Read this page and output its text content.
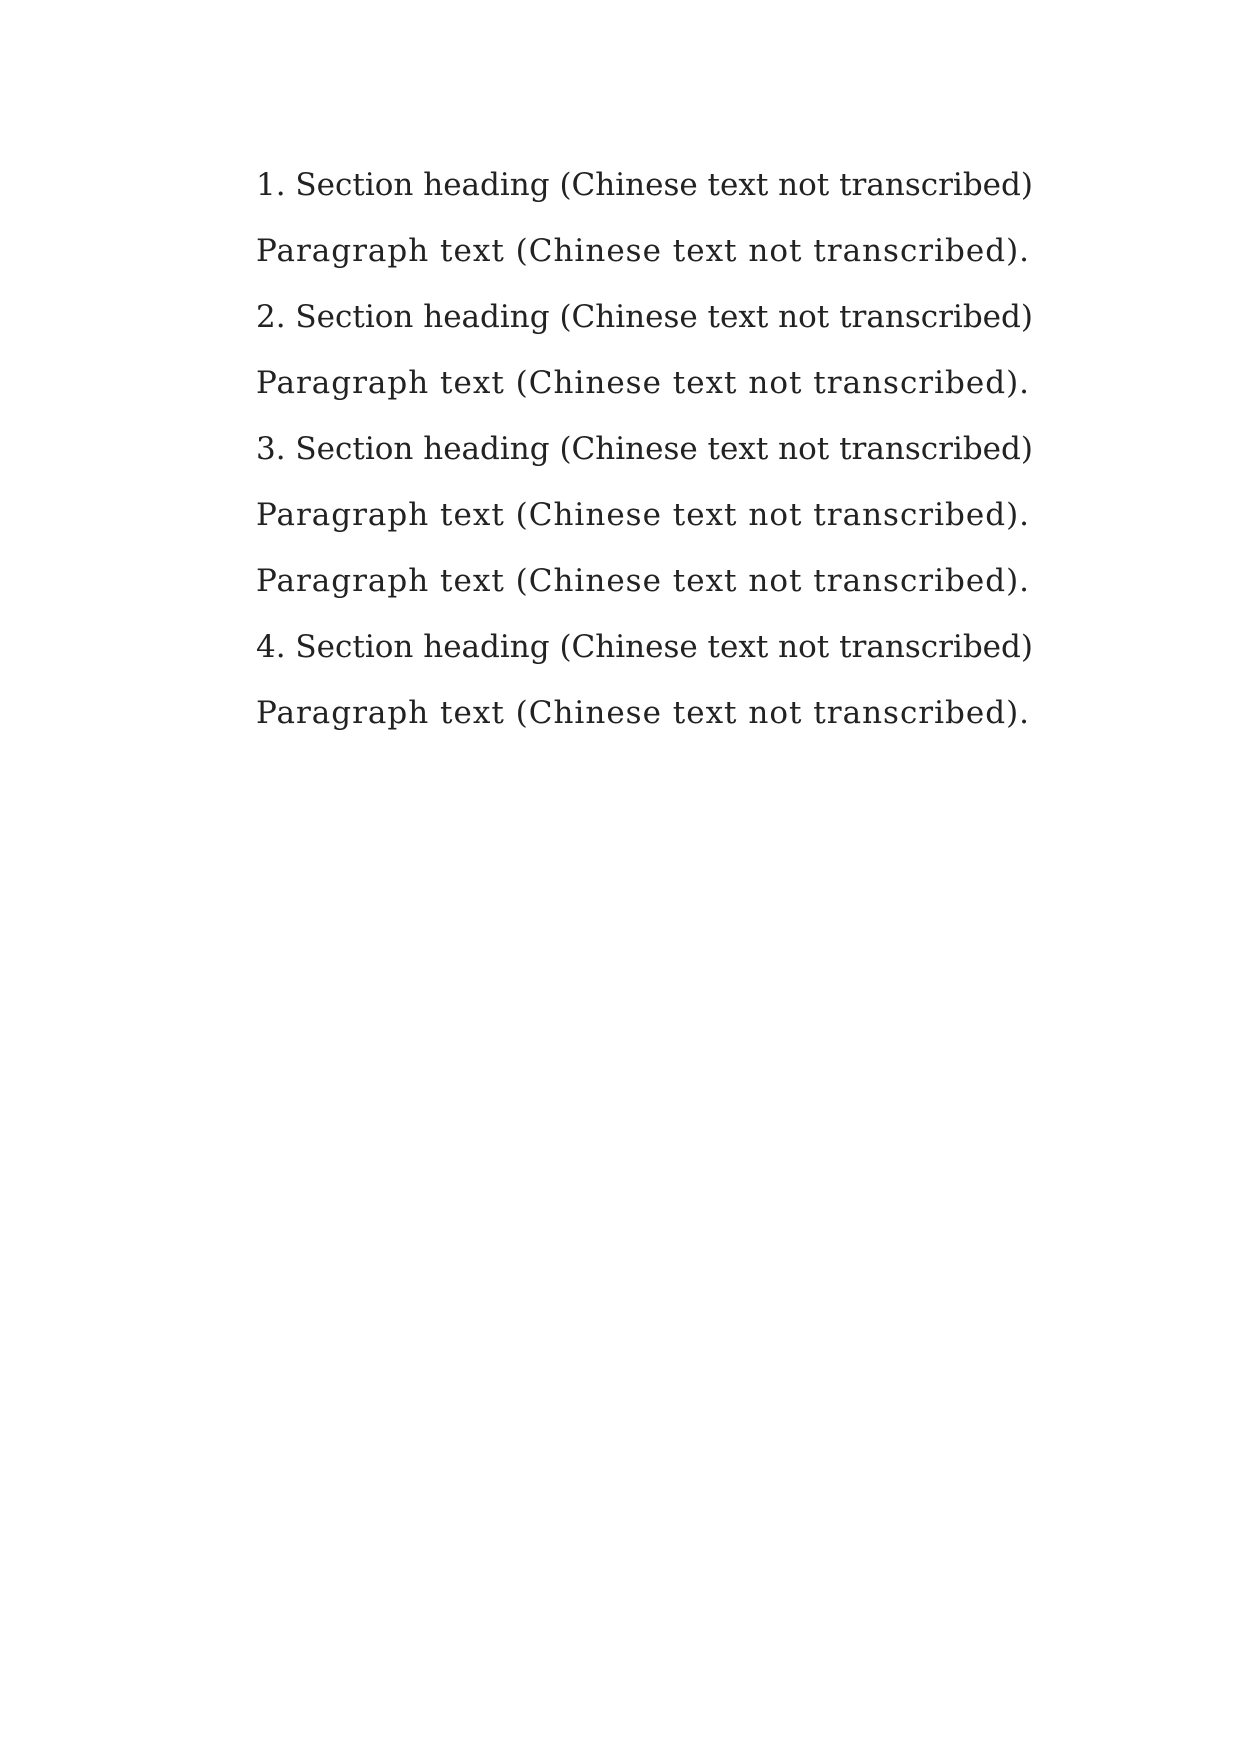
1. Section heading (Chinese text not transcribed)

Paragraph text (Chinese text not transcribed).

2. Section heading (Chinese text not transcribed)

Paragraph text (Chinese text not transcribed).

3. Section heading (Chinese text not transcribed)

Paragraph text (Chinese text not transcribed).

Paragraph text (Chinese text not transcribed).

4. Section heading (Chinese text not transcribed)

Paragraph text (Chinese text not transcribed).
